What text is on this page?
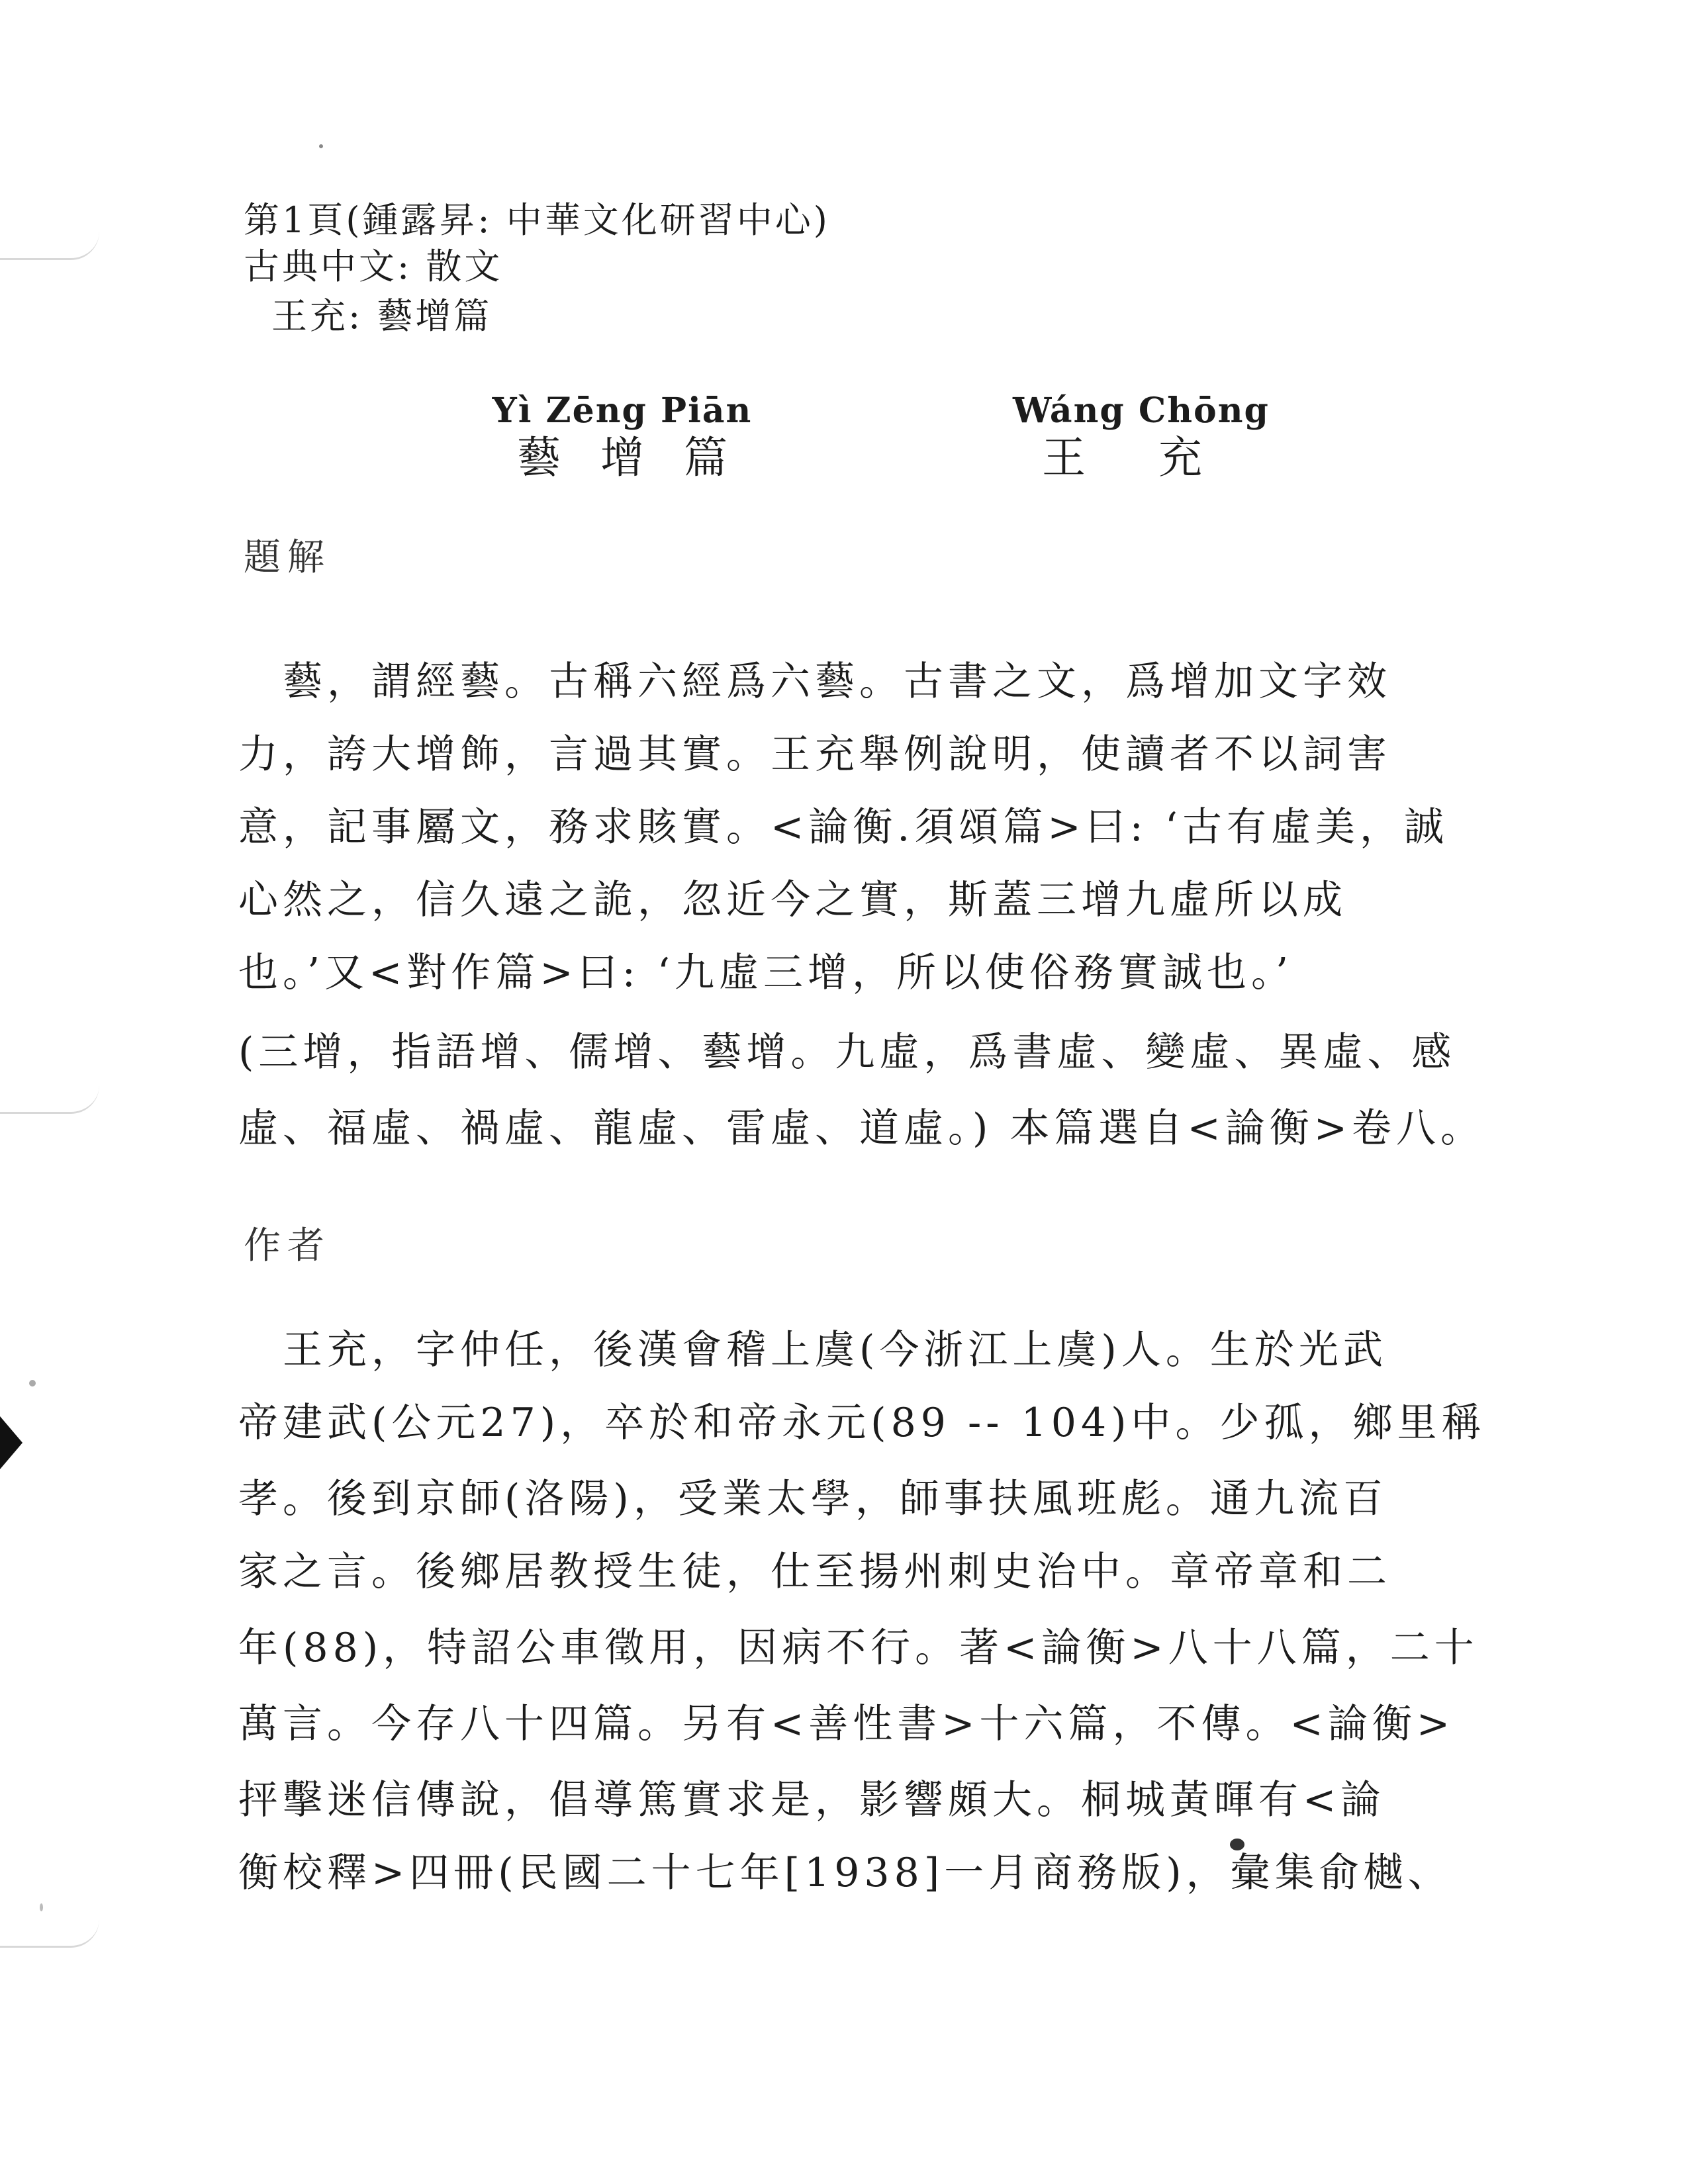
第1頁(鍾露昇: 中華文化研習中心)
古典中文: 散文
王充: 藝增篇
Yì Zēng Piān
藝增篇
Wáng Chōng
王充
題解
　藝，謂經藝。古稱六經爲六藝。古書之文，爲增加文字效
力，誇大增飾，言過其實。王充舉例說明，使讀者不以詞害
意，記事屬文，務求賅實。<論衡.須頌篇>曰: ‘古有虛美，誠
心然之，信久遠之詭，忽近今之實，斯蓋三增九虛所以成
也。’又<對作篇>曰: ‘九虛三增，所以使俗務實誠也。’
(三增，指語增、儒增、藝增。九虛，爲書虛、變虛、異虛、感
虛、福虛、禍虛、龍虛、雷虛、道虛。) 本篇選自<論衡>卷八。
作者
　王充，字仲任，後漢會稽上虞(今浙江上虞)人。生於光武
帝建武(公元27)，卒於和帝永元(89 -- 104)中。少孤，鄉里稱
孝。後到京師(洛陽)，受業太學，師事扶風班彪。通九流百
家之言。後鄉居教授生徒，仕至揚州刺史治中。章帝章和二
年(88)，特詔公車徵用，因病不行。著<論衡>八十八篇，二十
萬言。今存八十四篇。另有<善性書>十六篇，不傳。<論衡>
抨擊迷信傳說，倡導篤實求是，影響頗大。桐城黃暉有<論
衡校釋>四冊(民國二十七年[1938]一月商務版)，彙集俞樾、
